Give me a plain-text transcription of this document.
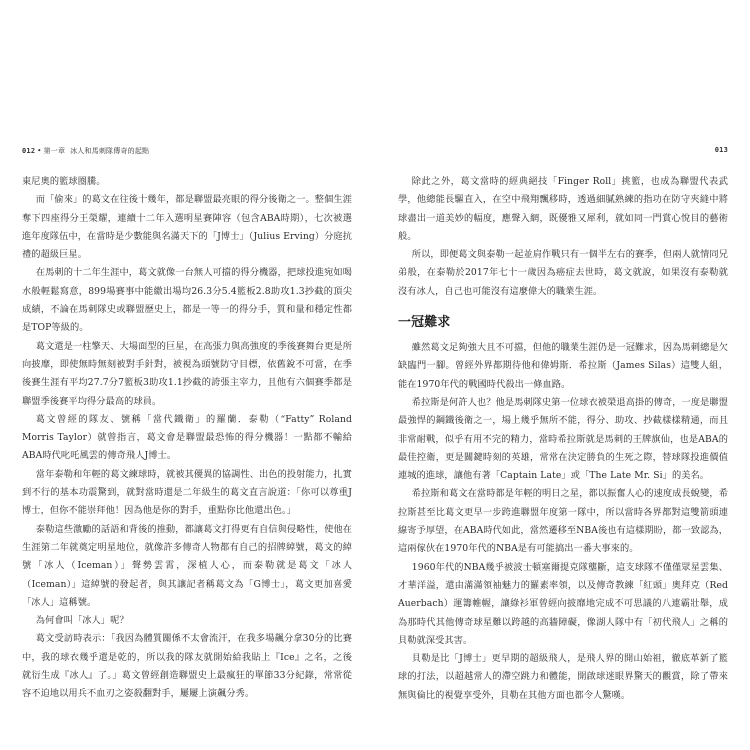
012 • 第一章 冰人和馬刺隊傳奇的起點

東尼奧的籃球圈騰。

而「偷來」的葛文在往後十幾年，都是聯盟最亮眼的得分後衛之一。整個生涯奪下四座得分王榮耀，連續十二年入選明星賽陣容（包含ABA時期），七次被選進年度隊伍中，在當時是少數能與名滿天下的「J博士」（Julius Erving）分庭抗禮的超級巨星。

在馬刺的十二年生涯中，葛文就像一台無人可擋的得分機器，把球投進宛如喝水般輕鬆寫意，899場賽事中能繳出場均26.3分5.4籃板2.8助攻1.3抄截的頂尖成績，不論在馬刺隊史或聯盟歷史上，都是一等一的得分手，質和量和穩定性都是TOP等級的。

葛文還是一柱擎天、大場面型的巨星，在高張力與高強度的季後賽舞台更是所向披靡，即使無時無刻被對手針對，被視為頭號防守目標，依舊銳不可當，在季後賽生涯有平均27.7分7籃板3助攻1.1抄截的誇張主宰力，且他有六個賽季都是聯盟季後賽平均得分最高的球員。

葛文曾經的隊友、號稱「當代鐵衛」的羅蘭．泰勒（“Fatty” Roland Morris Taylor）就曾指言，葛文會是聯盟最恐怖的得分機器！一點都不輸給ABA時代叱吒風雲的傳奇飛人J博士。

當年泰勒和年輕的葛文練球時，就被其優異的協調性、出色的投射能力，扎實到不行的基本功震驚到，就對當時還是二年級生的葛文直言說道：「你可以尊重J博士，但你不能崇拜他！因為他是你的對手，重點你比他還出色。」

泰勒這些激勵的話語和背後的推動，都讓葛文打得更有自信與侵略性，使他在生涯第二年就奠定明星地位，就像許多傳奇人物都有自己的招牌綽號，葛文的綽號「冰人（Iceman）」聲勢雲霄，深植人心，而泰勒就是葛文「冰人（Iceman）」這綽號的發起者，與其讓記者稱葛文為「G博士」，葛文更加喜愛「冰人」這稱號。

為何會叫「冰人」呢？

葛文受訪時表示：「我因為體質關係不太會流汗，在我多場飆分拿30分的比賽中，我的球衣幾乎還是乾的，所以我的隊友就開始給我貼上『Ice』之名，之後就衍生成『冰人』了。」葛文曾經創造聯盟史上最瘋狂的單節33分紀錄，常常從容不迫地以用兵不血刃之姿殺翻對手，屢屢上演飆分秀。

013

除此之外，葛文當時的經典絕技「Finger Roll」挑籃，也成為聯盟代表武學，他總能長驅直入，在空中飛翔飄移時，透過細膩熟練的指功在防守夾縫中將球盡出一道美妙的幅度，應聲入網，既優雅又犀利，就如同一門賞心悅目的藝術般。

所以，即便葛文與泰勒一起並肩作戰只有一個半左右的賽季，但兩人就情同兄弟般，在泰勒於2017年七十一歲因為癌症去世時，葛文就說，如果沒有泰勒就沒有冰人，自己也可能沒有這麼偉大的職業生涯。

一冠難求

雖然葛文足夠強大且不可擋，但他的職業生涯仍是一冠難求，因為馬刺總是欠缺臨門一腳。曾經外界都期待他和偉姆斯．希拉斯（James Silas）這雙人組，能在1970年代的戰國時代殺出一條血路。

希拉斯是何許人也？他是馬刺隊史第一位球衣被榮退高掛的傳奇，一度是聯盟最強悍的鋼鐵後衛之一，場上幾乎無所不能，得分、助攻、抄截樣樣精通，而且非常耐戰，似乎有用不完的精力，當時希拉斯就是馬刺的王牌旗仙，也是ABA的最佳控衛，更是關鍵時刻的英雄，常常在決定勝負的生死之際，替球隊投進價值連城的進球，讓他有著「Captain Late」或「The Late Mr. Si」的美名。

希拉斯和葛文在當時都是年輕的明日之星，都以振奮人心的速度成長蛻變，希拉斯甚至比葛文更早一步跨進聯盟年度第一隊中，所以當時各界都對這雙箭頭連線寄予厚望，在ABA時代如此，當然遷移至NBA後也有這樣期盼，都一致認為，這兩傢伙在1970年代的NBA是有可能搞出一番大事來的。

1960年代的NBA幾乎被波士頓塞爾提克隊壟斷，這支球隊不僅僅眾星雲集、才華洋溢，還由滿滿領袖魅力的羅素率領，以及傳奇教練「紅頭」奧拜克（Red Auerbach）運籌帷幄，讓綠衫軍曾經向披靡地完成不可思議的八連霸壯舉，成為那時代其他傳奇球星難以跨越的高牆障礙，像湖人隊中有「初代飛人」之稱的貝勒就深受其害。

貝勒是比「J博士」更早期的超級飛人，是飛人界的開山始祖，徹底革新了籃球的打法，以超越常人的滯空跳力和體能，開啟球迷眼界驚天的觀賞，除了帶來無與倫比的視覺享受外，貝勒在其他方面也都令人驚嘆。
